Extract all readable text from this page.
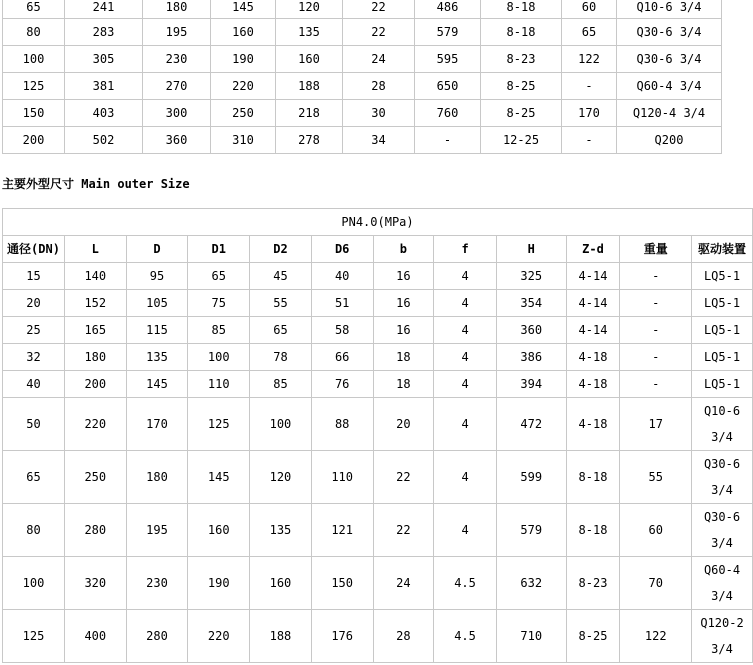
65	241	180	145	120	22	486	8-18	60	Q10-6 3/4
80	283	195	160	135	22	579	8-18	65	Q30-6 3/4
100	305	230	190	160	24	595	8-23	122	Q30-6 3/4
125	381	270	220	188	28	650	8-25	-	Q60-4 3/4
150	403	300	250	218	30	760	8-25	170	Q120-4 3/4
200	502	360	310	278	34	-	12-25	-	Q200
主要外型尺寸 Main outer Size
PN4.0(MPa)											
通径(DN)	L	D	D1	D2	D6	b	f	H	Z-d	重量	驱动装置
15	140	95	65	45	40	16	4	325	4-14	-	LQ5-1

20	152	105	75	55	51	16	4	354	4-14	-	LQ5-1

25	165	115	85	65	58	16	4	360	4-14	-	LQ5-1

32	180	135	100	78	66	18	4	386	4-18	-	LQ5-1

40	200	145	110	85	76	18	4	394	4-18	-	LQ5-1

50	220	170	125	100	88	20	4	472	4-18	17	Q10-6
3/4

65	250	180	145	120	110	22	4	599	8-18	55	Q30-6
3/4

80	280	195	160	135	121	22	4	579	8-18	60	Q30-6
3/4

100	320	230	190	160	150	24	4.5	632	8-23	70	Q60-4
3/4

125	400	280	220	188	176	28	4.5	710	8-25	122	Q120-2
3/4
